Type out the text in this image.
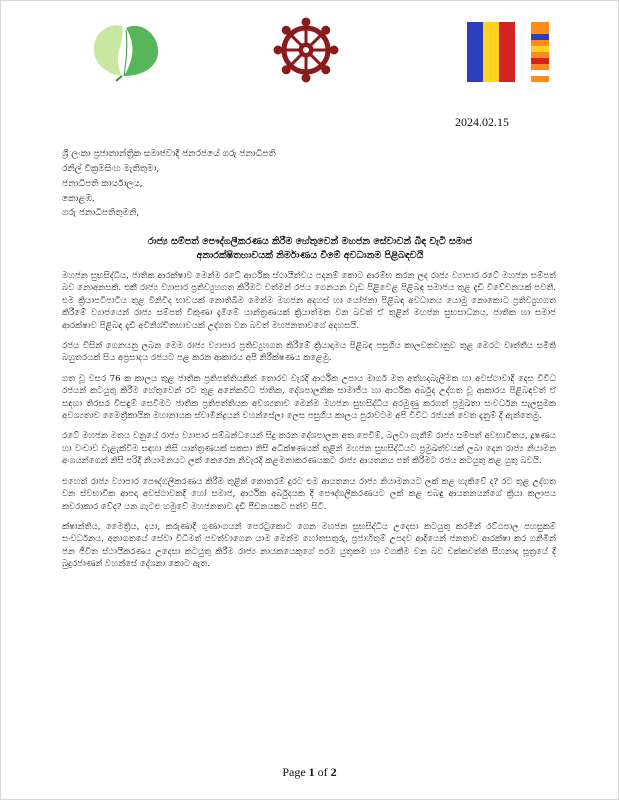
2024.02.15
ශ්‍රී ලංකා ප්‍රජාතාන්ත්‍රික සමාජවාදී ජනරජයේ ගරු ජනාධිපති
රනිල් වික්‍රමසිංහ මැතිතුමා,
ජනාධිපති කාර්යාලය,
කොළඹ.
ගරු ජනාධිපතිතුමනි,
රාජ්‍ය සම්පත් පෞද්ගලීකරණය කිරීම හේතුවෙන් මහජන සේවාවන් බිඳ වැටී සමාජ
අනාරක්ෂිතභාවයක් නිර්මාණය වීමේ අවධානම පිළිබඳවයි

මහජන සුභසිද්ධිය, ජාතික ආරක්ෂාව මෙන්ම රටේ ආර්ථික ස්ථායීත්වය පදනම් කොට ආරම්භ කරන ලද රාජ්‍ය ව්‍යාපාර රටේ මහජන සම්පත් බව නොඅනසකි. එකී රාජ්‍ය ව්‍යාපාර ප්‍රතිව්‍යුහගත කිරීමට වත්මන් රජය ගෙනයන වැඩ පිළිවෙළ පිළිබඳ සමාජය තුළ දැඩි විවේචනයක් පවතී. එම ක්‍රියාපටිපාටිය තුළ විනිවිද භාවයක් නොතිබීම මෙන්ම මහජන අදහස් හා යෝජනා පිළිබඳ අවධානය යොමු නොකොට ප්‍රතිව්‍යුහගත කිරීමේ ව්‍යාජයෙන් රාජ්‍ය සම්පත් විකුණා දැමීමේ යාන්ත්‍රණයක් ක්‍රියාත්මක වන බවත් ඒ තුළින් මහජන සුභසාධනය, ජාතික හා සමාජ ආරක්ෂාව පිළිබඳ දැඩි අවිනිශ්චිතභාවයක් උද්ගත වන බවත් මහජනතාවගේ අදහසයි.

රජය විසින් ගෙනයනු ලබන මෙම රාජ්‍ය ව්‍යාපාර ප්‍රතිව්‍යුහගත කිරීමේ ක්‍රියාදාමය පිළිබඳ පසුගිය කාලවකවානුව තුළ මෙරට වෘත්තීය සමිති බහුතරයක් සිය අප්‍රසාදය රජයට පළ කරන ආකාරය අපි නිරීක්ෂණය කළෙමු.

ගත වූ වසර 76 ක කාලය තුළ ජාතික ප්‍රතිපත්තියකින් තොරව වැරදි ආර්ථික උපාය මාර්ග මත අත්හදාබැලීමක හා අවස්ථාවාදී දෙස විවිධ රජයන් කටයුතු කිරීම හේතුවෙන් රට තුළ අනේකවිධ ජාතික, දේශපාලනික සාමාජීය හා ආර්ථික අර්බුද උද්ගත වූ ආකාරය පිළිබඳවත් ඒ සඳහා තිරසර විසඳුම් සෙවීමට ජාතික ප්‍රතිපත්තියක අවශ්‍යතාව මෙන්ම මහජන සුභසිද්ධිය අරමුණු කරගත් ප්‍රමුඛතා සංවර්ධන සැලසුමක අවශ්‍යතාව මෛත්‍රීකායික මහානායක ස්වාමීන්ද්‍රයන් වහන්සේලා ලෙස පසුගිය කාලය පුරාවටම අපි විවිධ රජයන් වෙත දැනුම් දී ඇත්තෙමු.

රටේ මහජන මතය වනුයේ රාජ්‍ය ව්‍යාපාර සම්බන්ධයෙන් සිදු කරන දේශපාලන අත පෙවීම්, බලවා ගැනීම් රාජ්‍ය සම්පත් අවභාවිතය, දූෂණය හා වංචාව වැළැක්වීම සඳහා නිසි යාන්ත්‍රණයක් සකසා නිසි අධීක්ෂණයක් තුළින් මහජන සුභසිද්ධියට ප්‍රමුඛත්වයක් ලබා දෙන රාජ්‍ය නියාමන අංශයන්ගෙන් නිසි පරිදි නියාමනයට ලක් කෙරෙන නිවැරදි කළමනාකරණයකට රාජ්‍ය ආයතනය පත් කිරීමට රජය කටයුතු කළ යුතු බවයි.

එහෙත් රාජ්‍ය ව්‍යාපාර පෞද්ගලීකරණය කිරීම තුළින් නොතරම් දුරට එම ආයතනය රාජ්‍ය නියාමනයට ලක් කළ හැකිවේ ද? රට තුළ උද්ගත වන ස්වභාවික ආපදා අවස්ථාවකදී හෝ සමාජ, ආර්ථික අර්බුදයක දී පෞද්ගලීකරණයට ලක් කළ එබඳු ආයතනයන්ගේ ක්‍රියා කලාපය කවරාකාර වේද? යන ගැටළු හමුවේ මහජනතාව දැඩි පීඩනයකට පත්ව සිටී.

ක්ෂාන්තිය, මෛත්‍රිය, දයා, කරුණාදී ගුණාංගයන් පෙරටුකොට ගෙන මහජන සුභසිද්ධිය උදෙසා කටයුතු කරමින් රට්ඨපාල පහසුකම් සංවර්ධනය, අනාගතයේ සේවා විධිමත් පවත්වාගෙන යාම මෙන්ම හෝතසතුරු, ප්‍රජාහිතුම් උපදව ආදියෙන් ජනතාව ආරක්ෂා කර ගනිමින් ජන ජීවිත ස්ථායීකරණය උදෙසා කටයුතු කිරීම රාජ්‍ය නායකයෙකුගේ පරම යුතුකම හා වගකීම වන බව චක්කවත්ති සීහනාද සූත්‍රයේ දී බුදුරජාණන් වහන්සේ දේශනා කොට ඇත.

Page 1 of 2
